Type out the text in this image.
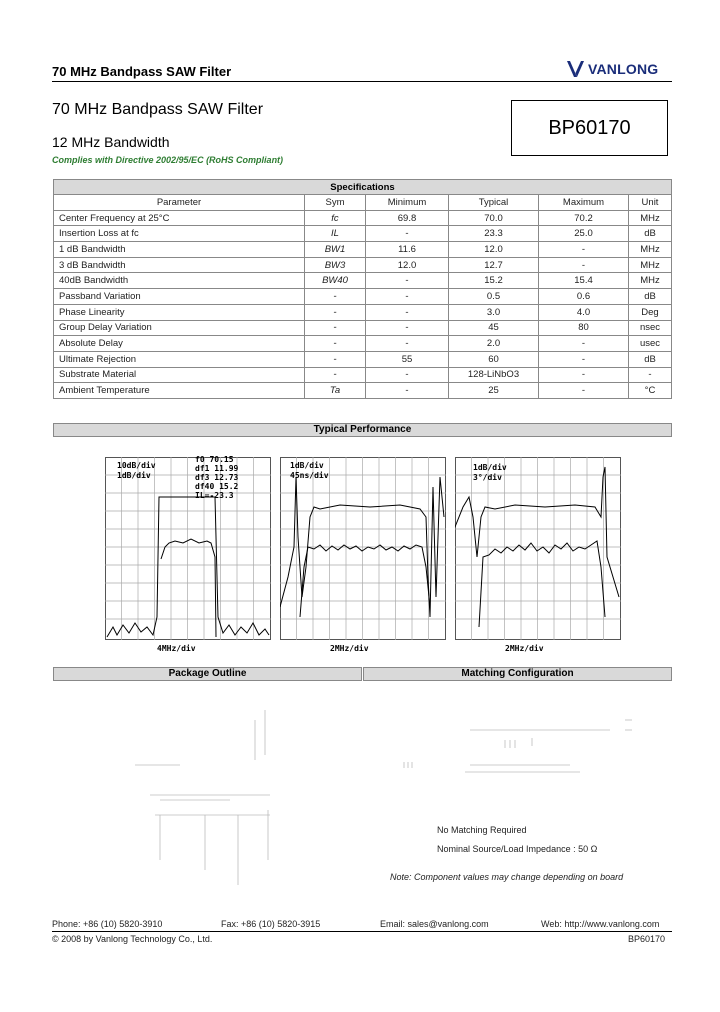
70 MHz Bandpass SAW Filter	VANLONG
70 MHz Bandpass SAW Filter
12 MHz Bandwidth
Complies with Directive 2002/95/EC (RoHS Compliant)
BP60170
Specifications					
Parameter	Sym	Minimum	Typical	Maximum	Unit
Center Frequency at 25°C	fc	69.8	70.0	70.2	MHz
Insertion Loss at fc	IL	-	23.3	25.0	dB
1 dB Bandwidth	BW1	11.6	12.0	-	MHz
3 dB Bandwidth	BW3	12.0	12.7	-	MHz
40dB Bandwidth	BW40	-	15.2	15.4	MHz
Passband Variation	-	-	0.5	0.6	dB
Phase Linearity	-	-	3.0	4.0	Deg
Group Delay Variation	-	-	45	80	nsec
Absolute Delay	-	-	2.0	-	usec
Ultimate Rejection	-	55	60	-	dB
Substrate Material	-	-	128-LiNbO3	-	-
Ambient Temperature	Ta	-	25	-	°C
Typical Performance
10dB/div
1dB/div
f0 70.15
df1 11.99
df3 12.73
df40 15.2
IL=-23.3
4MHz/div
1dB/div
45ns/div
2MHz/div
1dB/div
3°/div
2MHz/div
Package Outline	Matching Configuration
No Matching Required
Nominal Source/Load Impedance : 50 Ω
Note: Component values may change depending on board
Phone: +86 (10) 5820-3910	Fax: +86 (10) 5820-3915	Email: sales@vanlong.com	Web: http://www.vanlong.com
© 2008 by Vanlong Technology Co., Ltd.	BP60170
